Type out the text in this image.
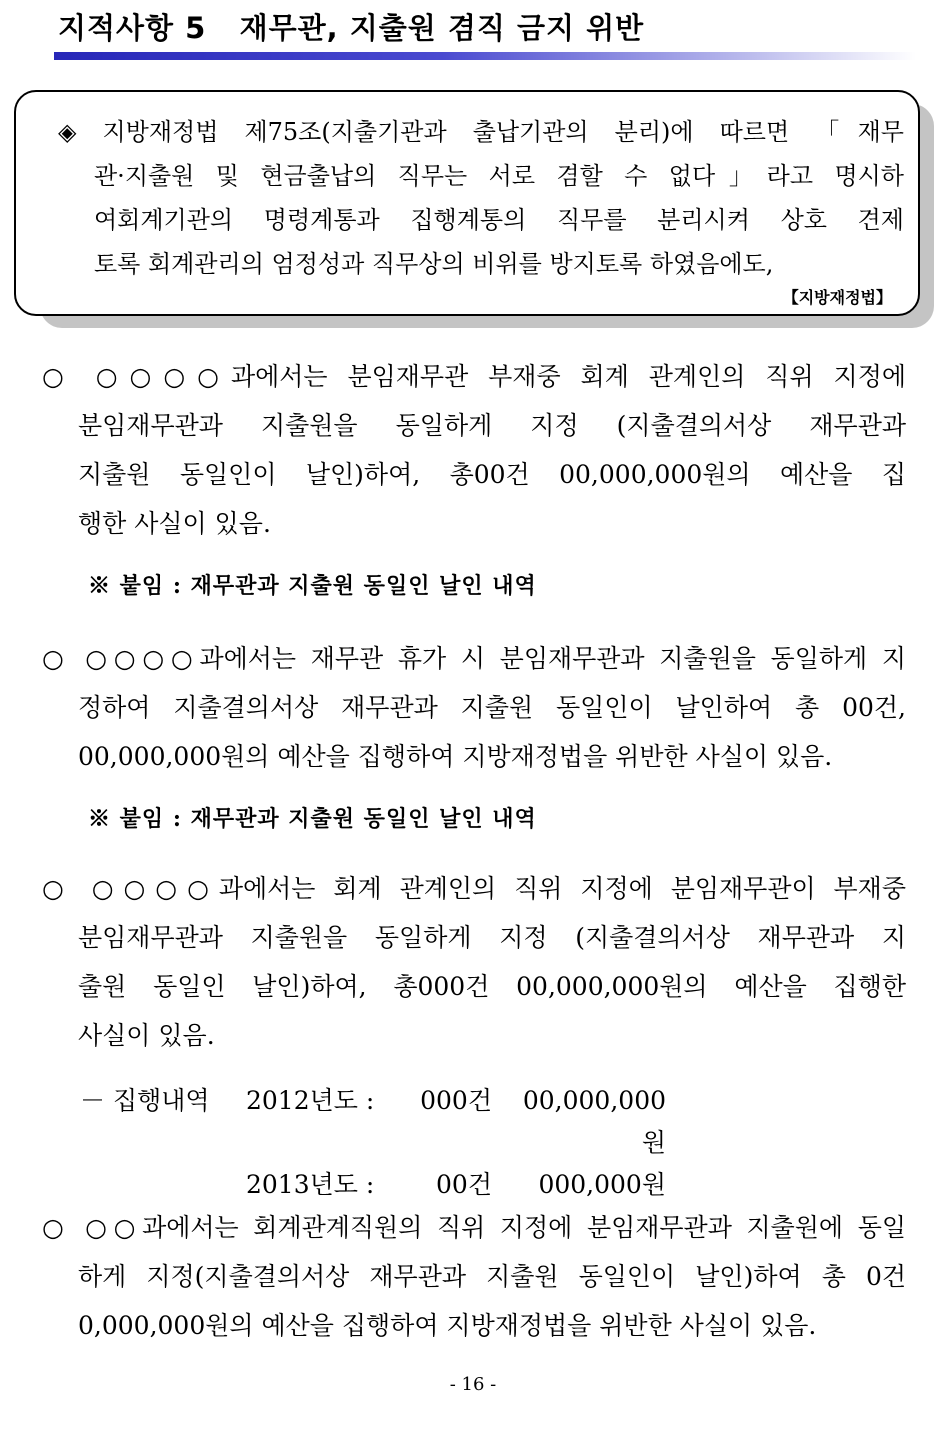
지적사항 5   재무관, 지출원 겸직 금지 위반
◈ 지방재정법 제75조(지출기관과 출납기관의 분리)에 따르면 「재무
관·지출원 및 현금출납의 직무는 서로 겸할 수 없다」라고 명시하
여회계기관의 명령계통과 집행계통의 직무를 분리시켜 상호 견제
토록 회계관리의 엄정성과 직무상의 비위를 방지토록 하였음에도,
【지방재정법】
○ ○○○○과에서는 분임재무관 부재중 회계 관계인의 직위 지정에
분임재무관과 지출원을 동일하게 지정 (지출결의서상 재무관과
지출원 동일인이 날인)하여, 총00건 00,000,000원의 예산을 집
행한 사실이 있음.
※ 붙임 : 재무관과 지출원 동일인 날인 내역
○ ○○○○과에서는 재무관 휴가 시 분임재무관과 지출원을 동일하게 지
정하여 지출결의서상 재무관과 지출원 동일인이 날인하여 총 00건,
00,000,000원의 예산을 집행하여 지방재정법을 위반한 사실이 있음.
※ 붙임 : 재무관과 지출원 동일인 날인 내역
○ ○○○○과에서는 회계 관계인의 직위 지정에 분임재무관이 부재중
분임재무관과 지출원을 동일하게 지정 (지출결의서상 재무관과 지
출원 동일인 날인)하여, 총000건 00,000,000원의 예산을 집행한
사실이 있음.
－ 집행내역	2012년도 :	000건	00,000,000원
2013년도 :	00건	000,000원
○ ○○과에서는 회계관계직원의 직위 지정에 분임재무관과 지출원에 동일
하게 지정(지출결의서상 재무관과 지출원 동일인이 날인)하여 총 0건
0,000,000원의 예산을 집행하여 지방재정법을 위반한 사실이 있음.
- 16 -
